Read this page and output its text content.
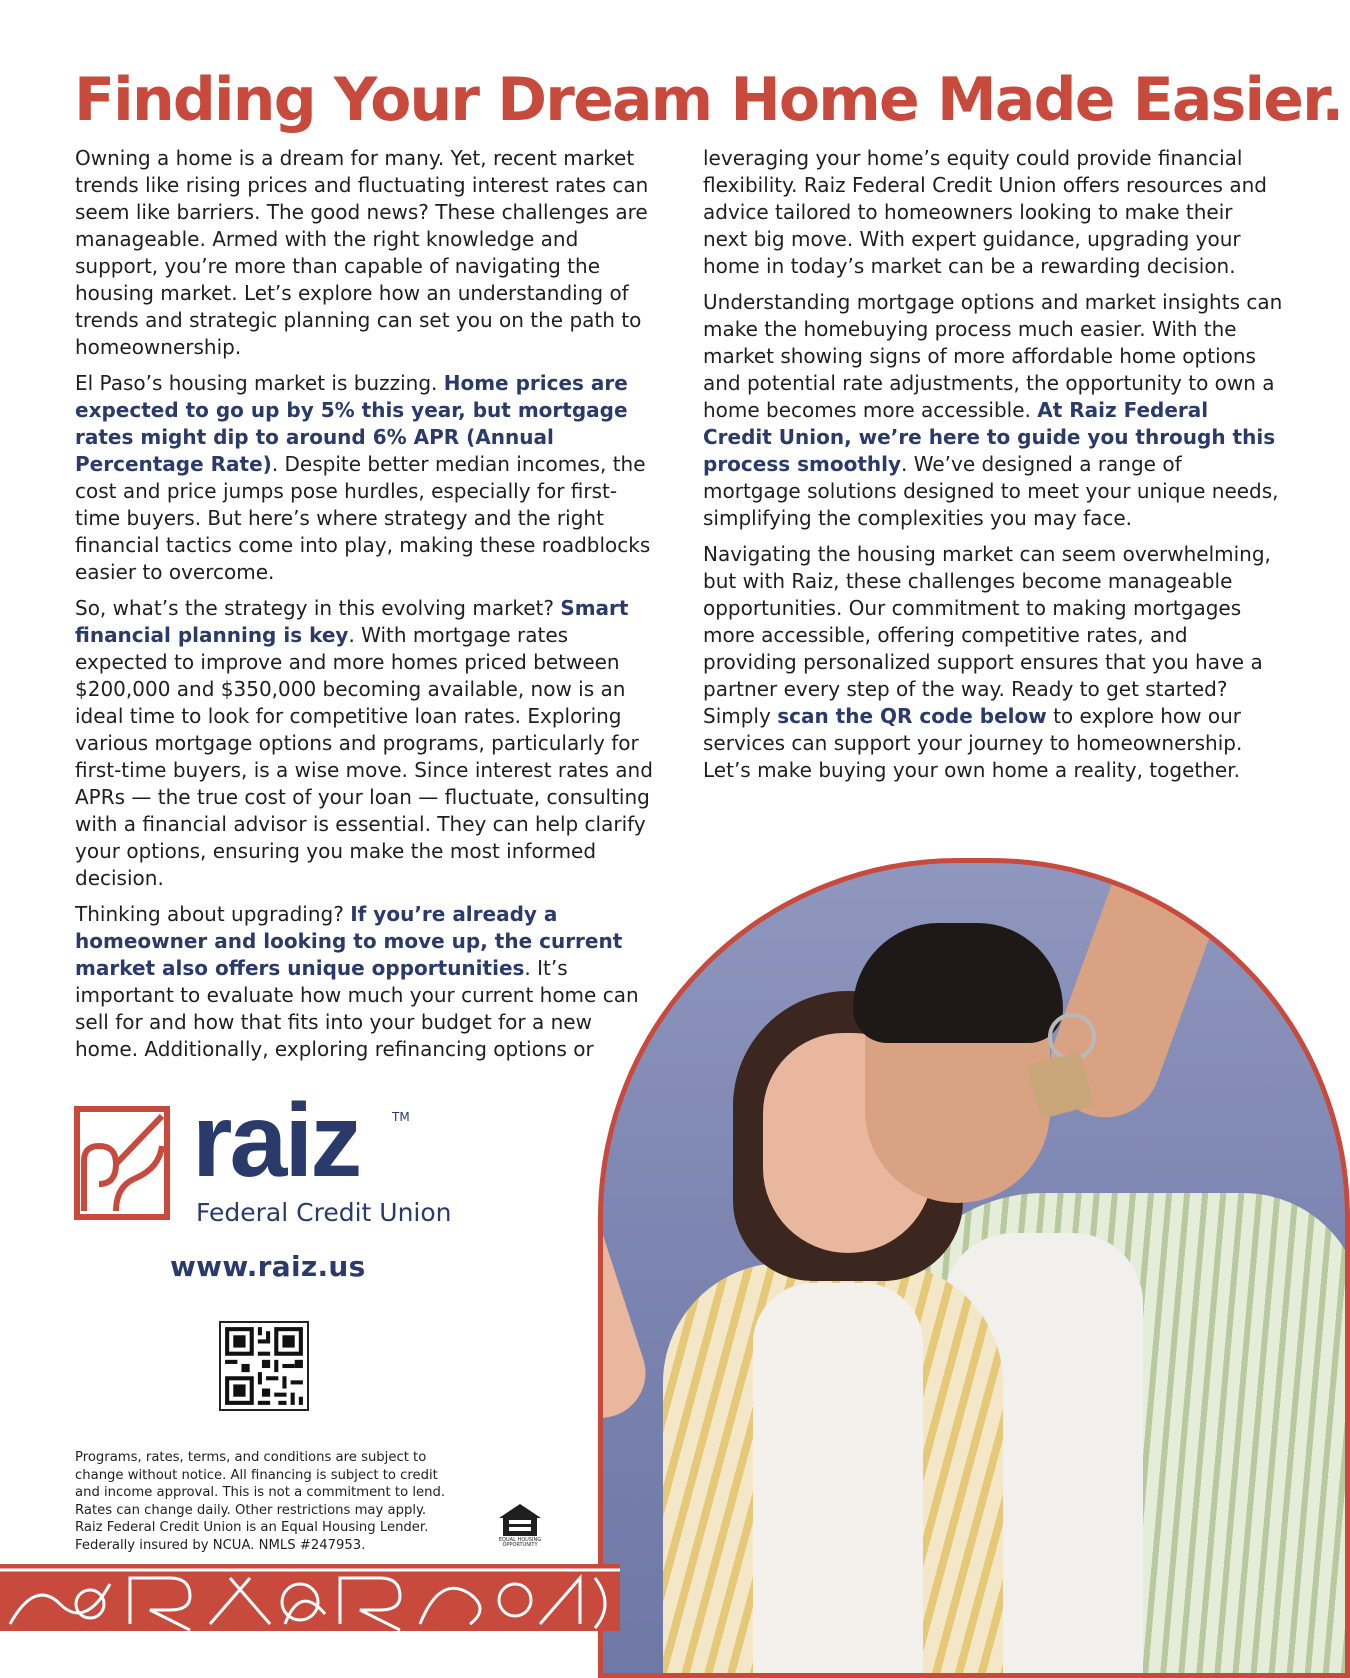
Finding Your Dream Home Made Easier.

Owning a home is a dream for many. Yet, recent market trends like rising prices and fluctuating interest rates can seem like barriers. The good news? These challenges are manageable. Armed with the right knowledge and support, you’re more than capable of navigating the housing market. Let’s explore how an understanding of trends and strategic planning can set you on the path to homeownership.

El Paso’s housing market is buzzing. Home prices are expected to go up by 5% this year, but mortgage rates might dip to around 6% APR (Annual Percentage Rate). Despite better median incomes, the cost and price jumps pose hurdles, especially for first-time buyers. But here’s where strategy and the right financial tactics come into play, making these roadblocks easier to overcome.

So, what’s the strategy in this evolving market? Smart financial planning is key. With mortgage rates expected to improve and more homes priced between $200,000 and $350,000 becoming available, now is an ideal time to look for competitive loan rates. Exploring various mortgage options and programs, particularly for first-time buyers, is a wise move. Since interest rates and APRs — the true cost of your loan — fluctuate, consulting with a financial advisor is essential. They can help clarify your options, ensuring you make the most informed decision.

Thinking about upgrading? If you’re already a homeowner and looking to move up, the current market also offers unique opportunities. It’s important to evaluate how much your current home can sell for and how that fits into your budget for a new home. Additionally, exploring refinancing options or

leveraging your home’s equity could provide financial flexibility. Raiz Federal Credit Union offers resources and advice tailored to homeowners looking to make their next big move. With expert guidance, upgrading your home in today’s market can be a rewarding decision.

Understanding mortgage options and market insights can make the homebuying process much easier. With the market showing signs of more affordable home options and potential rate adjustments, the opportunity to own a home becomes more accessible. At Raiz Federal Credit Union, we’re here to guide you through this process smoothly. We’ve designed a range of mortgage solutions designed to meet your unique needs, simplifying the complexities you may face.

Navigating the housing market can seem overwhelming, but with Raiz, these challenges become manageable opportunities. Our commitment to making mortgages more accessible, offering competitive rates, and providing personalized support ensures that you have a partner every step of the way. Ready to get started? Simply scan the QR code below to explore how our services can support your journey to homeownership. Let’s make buying your own home a reality, together.

raiz	TM
Federal Credit Union
www.raiz.us
Programs, rates, terms, and conditions are subject to
change without notice. All financing is subject to credit
and income approval. This is not a commitment to lend.
Rates can change daily. Other restrictions may apply.
Raiz Federal Credit Union is an Equal Housing Lender.
Federally insured by NCUA. NMLS #247953.	EQUAL HOUSING OPPORTUNITY
